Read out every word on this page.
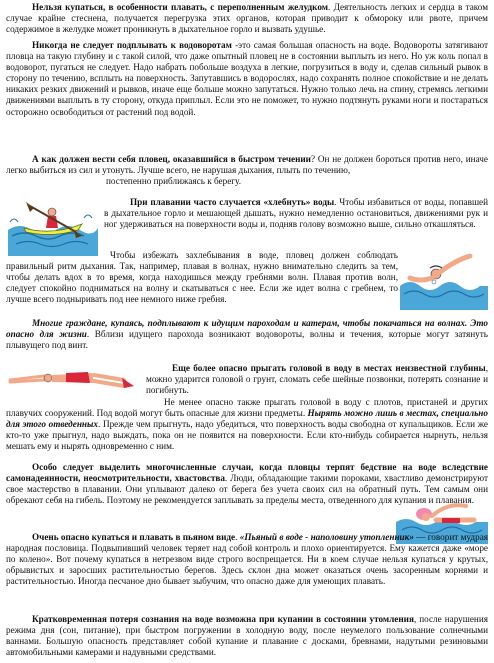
Нельзя купаться, в особенности плавать, с переполненным желудком. Деятельность легких и сердца в таком случае крайне стеснена, получается перегрузка этих органов, которая приводит к обмороку или рвоте, причем содержимое в желудке может проникнуть в дыхательное горло и вызвать удушье.

Никогда не следует подплывать к водоворотам -это самая большая опасность на воде. Водовороты затягивают пловца на такую глубину и с такой силой, что даже опытный пловец не в состоянии выплыть из него. Но уж коль попал в водоворот, пугаться не следует. Надо набрать побольше воздуха в легкие, погрузиться в воду и, сделав сильный рывок в сторону по течению, всплыть на поверхность. Запутавшись в водорослях, надо сохранять полное спокойствие и не делать никаких резких движений и рывков, иначе еще больше можно запутаться. Нужно только лечь на спину, стремясь легкими движениями выплыть в ту сторону, откуда приплыл. Если это не поможет, то нужно подтянуть руками ноги и постараться осторожно освободиться от растений под водой.

А как должен вести себя пловец, оказавшийся в быстром течении? Он не должен бороться против него, иначе легко выбиться из сил и утонуть. Лучше всего, не нарушая дыхания, плыть по течению,

постепенно приближаясь к берегу.

При плавании часто случается «хлебнуть» воды. Чтобы избавиться от воды, попавшей в дыхательное горло и мешающей дышать, нужно немедленно остановиться, движениями рук и ног удерживаться на поверхности воды и, подняв голову возможно выше, сильно откашляться.

Чтобы избежать захлебывания в воде, пловец должен соблюдать правильный ритм дыхания. Так, например, плавая в волнах, нужно внимательно следить за тем, чтобы делать вдох в то время, когда находишься между гребнями волн. Плавая против волн, следует спокойно подниматься на волну и скатываться с нее. Если же идет волна с гребнем, то лучше всего подныривать под нее немного ниже гребня.

Многие граждане, купаясь, подплывают к идущим пароходам и катерам, чтобы покачаться на волнах. Это опасно для жизни. Вблизи идущего парохода возникают водовороты, волны и течения, которые могут затянуть плывущего под винт.

Еще более опасно прыгать головой в воду в местах неизвестной глубины, можно ударится головой о грунт, сломать себе шейные позвонки, потерять сознание и погибнуть.

Не менее опасно также прыгать головой в воду с плотов, пристаней и других плавучих сооружений. Под водой могут быть опасные для жизни предметы. Нырять можно лишь в местах, специально для этого отведенных. Прежде чем прыгнуть, надо убедиться, что поверхность воды свободна от купальщиков. Если же кто-то уже прыгнул, надо выждать, пока он не появится на поверхности. Если кто-нибудь собирается нырнуть, нельзя мешать ему и нырять одновременно с ним.

Особо следует выделить многочисленные случаи, когда пловцы терпят бедствие на воде вследствие самонадеянности, неосмотрительности, хвастовства. Люди, обладающие такими пороками, хвастливо демонстрируют свое мастерство в плавании. Они уплывают далеко от берега без учета своих сил на обратный путь. Тем самым они обрекают себя на гибель. Поэтому не рекомендуется заплывать за пределы места, отведенного для купания и плавания.

Очень опасно купаться и плавать в пьяном виде. «Пьяный в воде - наполовину утопленник» — говорит мудрая народная пословица. Подвыпивший человек теряет над собой контроль и плохо ориентируется. Ему кажется даже «море по колено». Вот почему купаться в нетрезвом виде строго воспрещается. Ни в коем случае нельзя купаться у крутых, обрывистых и заросших растительностью берегов. Здесь склон дна может оказаться очень засоренным корнями и растительностью. Иногда песчаное дно бывает зыбучим, что опасно даже для умеющих плавать.

Кратковременная потеря сознания на воде возможна при купании в состоянии утомления, после нарушения режима дня (сон, питание), при быстром погружении в холодную воду, после неумелого пользование солнечными ваннами. Большую опасность представляет собой купание и плавание с досками, бревнами, надутыми резиновыми автомобильными камерами и надувными средствами.
